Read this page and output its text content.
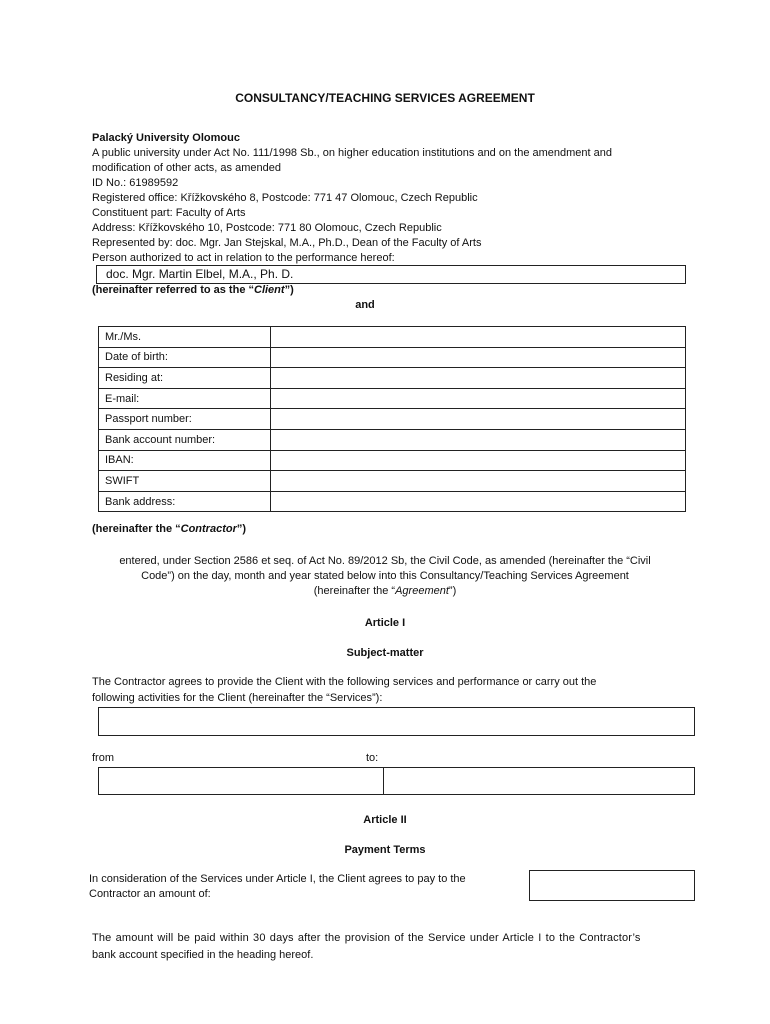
CONSULTANCY/TEACHING SERVICES AGREEMENT
Palacký University Olomouc
A public university under Act No. 111/1998 Sb., on higher education institutions and on the amendment and
modification of other acts, as amended
ID No.: 61989592
Registered office: Křížkovského 8, Postcode: 771 47 Olomouc, Czech Republic
Constituent part: Faculty of Arts
Address: Křížkovského 10, Postcode: 771 80 Olomouc, Czech Republic
Represented by: doc. Mgr. Jan Stejskal, M.A., Ph.D., Dean of the Faculty of Arts
Person authorized to act in relation to the performance hereof:
doc. Mgr. Martin Elbel, M.A., Ph. D.
(hereinafter referred to as the “Client”)
and
Mr./Ms.	
Date of birth:	
Residing at:	
E-mail:	
Passport number:	
Bank account number:	
IBAN:	
SWIFT	
Bank address:	
(hereinafter the “Contractor”)
entered, under Section 2586 et seq. of Act No. 89/2012 Sb, the Civil Code, as amended (hereinafter the “Civil
Code”) on the day, month and year stated below into this Consultancy/Teaching Services Agreement
(hereinafter the “Agreement”)
Article I
Subject-matter
The Contractor agrees to provide the Client with the following services and performance or carry out the
following activities for the Client (hereinafter the “Services”):
from	to:
Article II
Payment Terms
In consideration of the Services under Article I, the Client agrees to pay to the
Contractor an amount of:
The amount will be paid within 30 days after the provision of the Service under Article I to the Contractor’s
bank account specified in the heading hereof.
